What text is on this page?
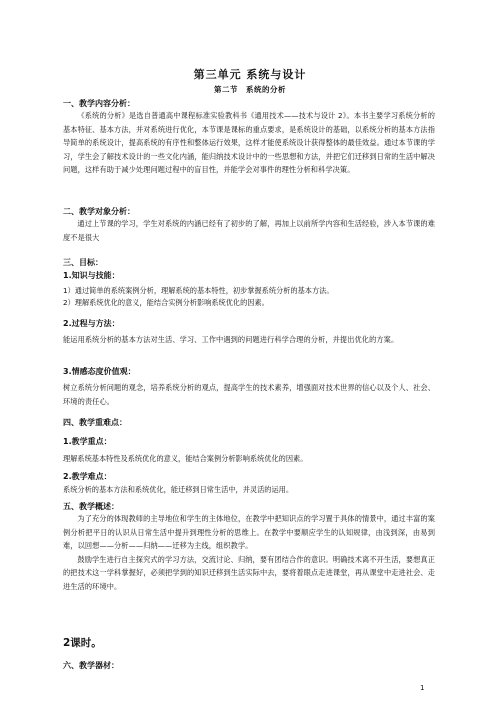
第三单元 系统与设计
第二节　系统的分析
一、教学内容分析：
《系统的分析》是选自普通高中课程标准实验教科书《通用技术——技术与设计 2》。本书主要学习系统分析的基本特征、基本方法，并对系统进行优化，本节课是课标的重点要求，是系统设计的基础，以系统分析的基本方法指导简单的系统设计，提高系统的有序性和整体运行效果，这样才能使系统设计获得整体的最佳效益。通过本节课的学习，学生会了解技术设计的一些文化内涵，能归纳技术设计中的一些思想和方法，并把它们迁移到日常的生活中解决问题，这样有助于减少处理问题过程中的盲目性，并能学会对事件的理性分析和科学决策。
二、教学对象分析：
通过上节课的学习，学生对系统的内涵已经有了初步的了解，再加上以前所学内容和生活经验，涉入本节课的难度不是很大
三、目标：
1.知识与技能：
1）通过简单的系统案例分析，理解系统的基本特性，初步掌握系统分析的基本方法。
2）理解系统优化的意义，能结合实例分析影响系统优化的因素。
2.过程与方法：
能运用系统分析的基本方法对生活、学习、工作中遇到的问题进行科学合理的分析，并提出优化的方案。
3.情感态度价值观：
树立系统分析问题的观念，培养系统分析的观点，提高学生的技术素养，增强面对技术世界的信心以及个人、社会、环境的责任心。
四、教学重难点：
1.教学重点：
理解系统基本特性及系统优化的意义，能结合案例分析影响系统优化的因素。
2.教学难点：
系统分析的基本方法和系统优化，能迁移到日常生活中，并灵活的运用。
五、教学概述：
为了充分的体现教师的主导地位和学生的主体地位，在教学中把知识点的学习置于具体的情景中，通过丰富的案例分析把平日的认识从日常生活中提升到理性分析的思维上。在教学中要顺应学生的认知规律，由浅到深，由易到难，以回想——分析——归纳——迁移为主线，组织教学。
鼓励学生进行自主探究式的学习方法，交流讨论、归纳，要有团结合作的意识。明确技术离不开生活，要想真正的把技术这一学科掌握好，必须把学到的知识迁移到生活实际中去，要将着眼点走进课堂，再从课堂中走进社会、走进生活的环境中。
2课时。
六、教学器材：
1
